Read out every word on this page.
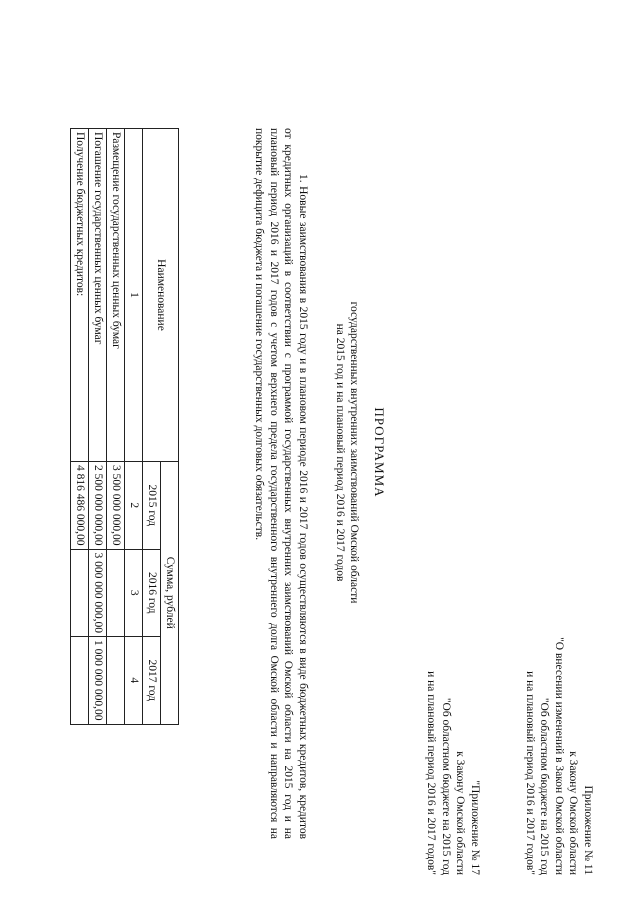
Приложение № 11
к Закону Омской области
"О внесении изменений в Закон Омской области
"Об областном бюджете на 2015 год
и на плановый период 2016 и 2017 годов"
"Приложение № 17
к Закону Омской области
"Об областном бюджете на 2015 год
и на плановый период 2016 и 2017 годов"
ПРОГРАММА
государственных внутренних заимствований Омской области
на 2015 год и на плановый период 2016 и 2017 годов

1. Новые заимствования в 2015 году и в плановом периоде 2016 и 2017 годов осуществляются в виде бюджетных кредитов, кредитов от кредитных организаций в соответствии с программой государственных внутренних заимствований Омской области на 2015 год и на плановый период 2016 и 2017 годов с учетом верхнего предела государственного внутреннего долга Омской области и направляются на покрытие дефицита бюджета и погашение государственных долговых обязательств.

Наименование	Сумма, рублей		
	2015 год	2016 год	2017 год
1	2	3	4
Размещение государственных ценных бумаг	3 500 000 000,00		
Погашение государственных ценных бумаг	2 500 000 000,00	3 000 000 000,00	1 000 000 000,00
Получение бюджетных кредитов:	4 816 486 000,00		
